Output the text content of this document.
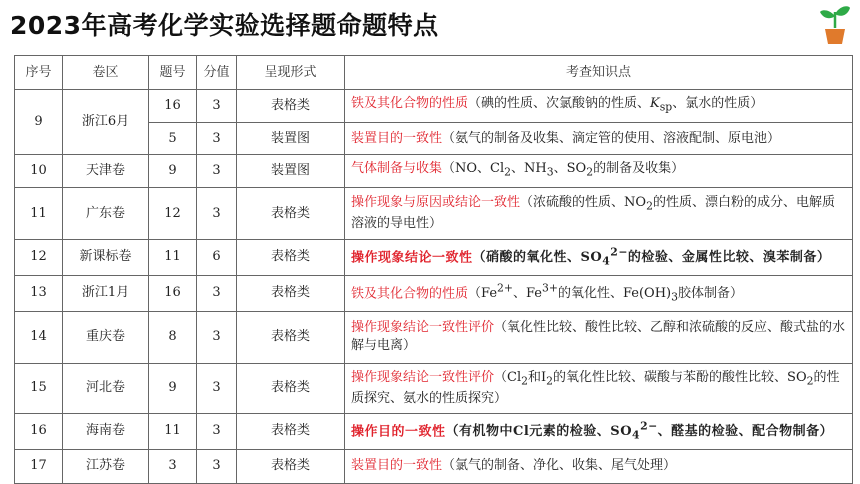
2023年高考化学实验选择题命题特点
序号	卷区	题号	分值	呈现形式	考查知识点
9	浙江6月	16	3	表格类	铁及其化合物的性质（碘的性质、次氯酸钠的性质、$K_{sp}$、氯水的性质）
		5	3	装置图	装置目的一致性（氨气的制备及收集、滴定管的使用、溶液配制、原电池）
10	天津卷	9	3	装置图	气体制备与收集（NO、$Cl_2$、$NH_3$、$SO_2$的制备及收集）
11	广东卷	12	3	表格类	操作现象与原因或结论一致性（浓硫酸的性质、$NO_2$的性质、漂白粉的成分、电解质溶液的导电性）
12	新课标卷	11	6	表格类	操作现象结论一致性（硝酸的氧化性、$SO_4^{2-}$的检验、金属性比较、溴苯制备）
13	浙江1月	16	3	表格类	铁及其化合物的性质（$Fe^{2+}$、$Fe^{3+}$的氧化性、$Fe(OH)_3$胶体制备）
14	重庆卷	8	3	表格类	操作现象结论一致性评价（氧化性比较、酸性比较、乙醇和浓硫酸的反应、酸式盐的水解与电离）
15	河北卷	9	3	表格类	操作现象结论一致性评价（$Cl_2$和$I_2$的氧化性比较、碳酸与苯酚的酸性比较、$SO_2$的性质探究、氨水的性质探究）
16	海南卷	11	3	表格类	操作目的一致性（有机物中Cl元素的检验、$SO_4^{2-}$、醛基的检验、配合物制备）
17	江苏卷	3	3	表格类	装置目的一致性（氯气的制备、净化、收集、尾气处理）
